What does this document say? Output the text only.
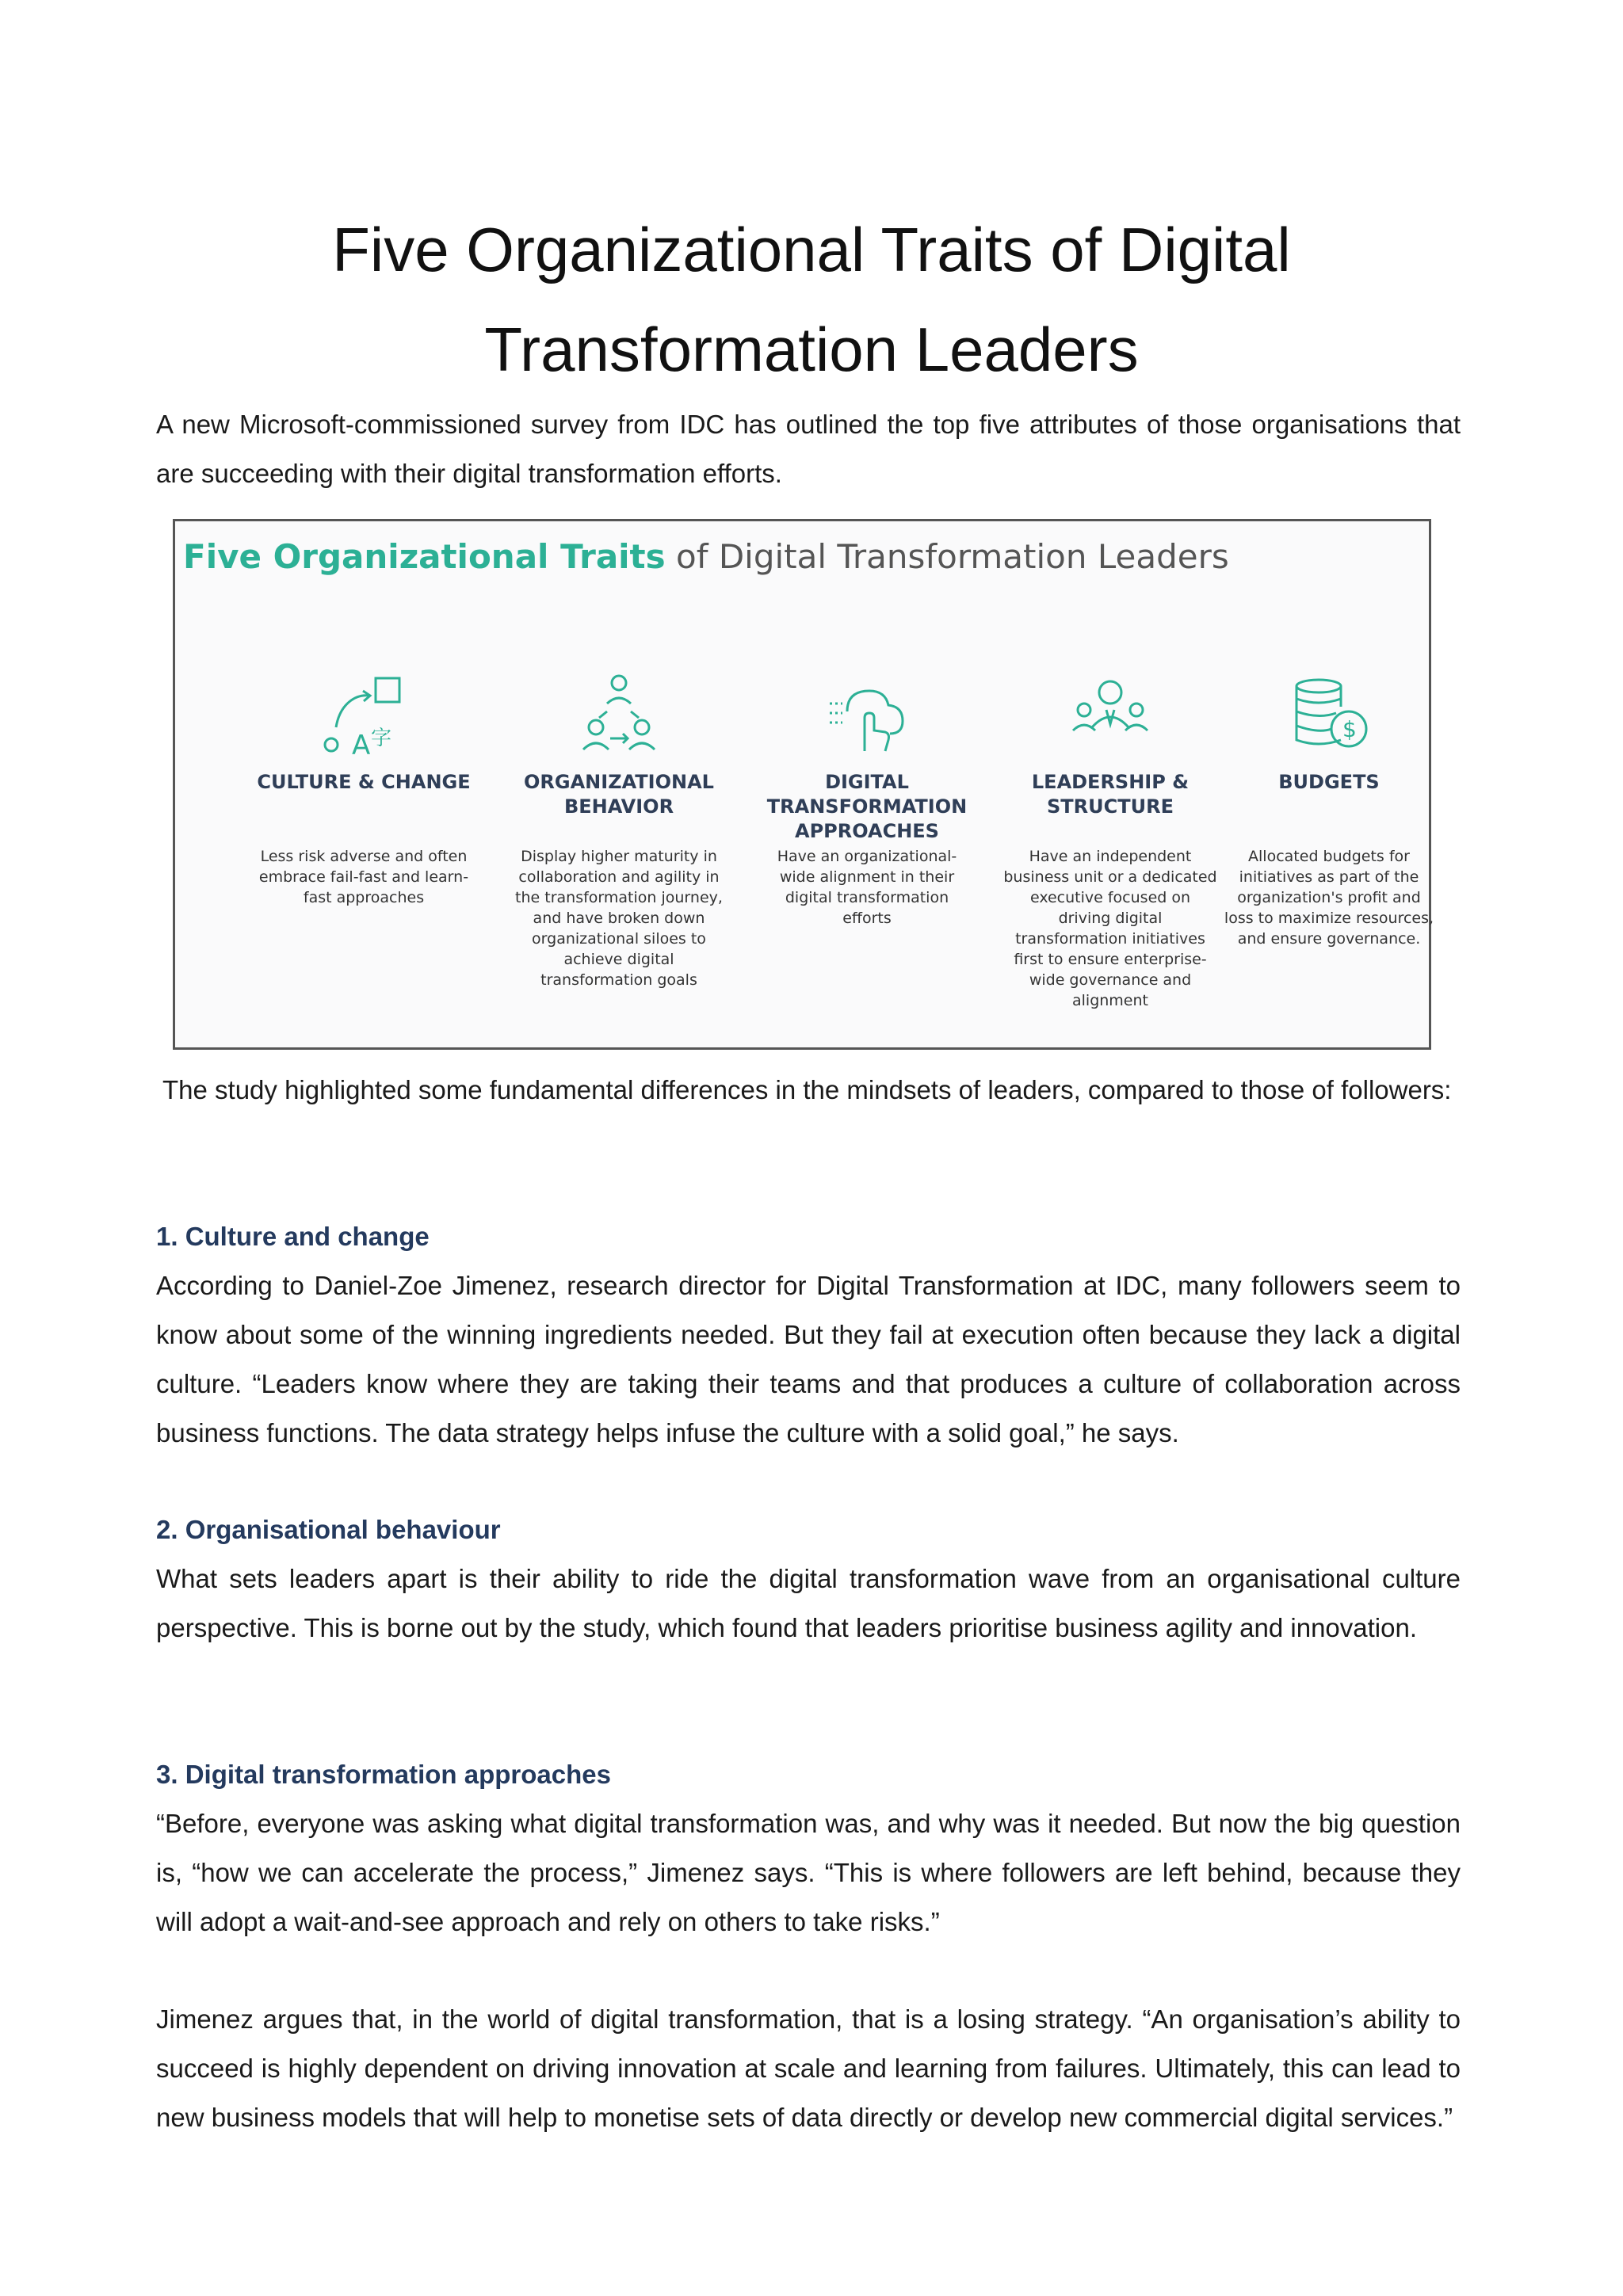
Five Organizational Traits of Digital
Transformation Leaders
A new Microsoft-commissioned survey from IDC has outlined the top five attributes of those organisations that are succeeding with their digital transformation efforts.
Five Organizational Traits of Digital Transformation Leaders
A 字
CULTURE & CHANGE
Less risk adverse and often embrace fail-fast and learn-fast approaches
ORGANIZATIONAL BEHAVIOR
Display higher maturity in collaboration and agility in the transformation journey, and have broken down organizational siloes to achieve digital transformation goals
DIGITAL TRANSFORMATION APPROACHES
Have an organizational-wide alignment in their digital transformation efforts
LEADERSHIP & STRUCTURE
Have an independent business unit or a dedicated executive focused on driving digital transformation initiatives first to ensure enterprise-wide governance and alignment
$
BUDGETS
Allocated budgets for initiatives as part of the organization's profit and loss to maximize resources, and ensure governance.
The study highlighted some fundamental differences in the mindsets of leaders, compared to those of followers:
1. Culture and change
According to Daniel-Zoe Jimenez, research director for Digital Transformation at IDC, many followers seem to know about some of the winning ingredients needed. But they fail at execution often because they lack a digital culture. “Leaders know where they are taking their teams and that produces a culture of collaboration across business functions. The data strategy helps infuse the culture with a solid goal,” he says.
2. Organisational behaviour
What sets leaders apart is their ability to ride the digital transformation wave from an organisational culture perspective. This is borne out by the study, which found that leaders prioritise business agility and innovation.
3. Digital transformation approaches
“Before, everyone was asking what digital transformation was, and why was it needed. But now the big question is, “how we can accelerate the process,” Jimenez says. “This is where followers are left behind, because they will adopt a wait-and-see approach and rely on others to take risks.”
Jimenez argues that, in the world of digital transformation, that is a losing strategy. “An organisation’s ability to succeed is highly dependent on driving innovation at scale and learning from failures. Ultimately, this can lead to new business models that will help to monetise sets of data directly or develop new commercial digital services.”
